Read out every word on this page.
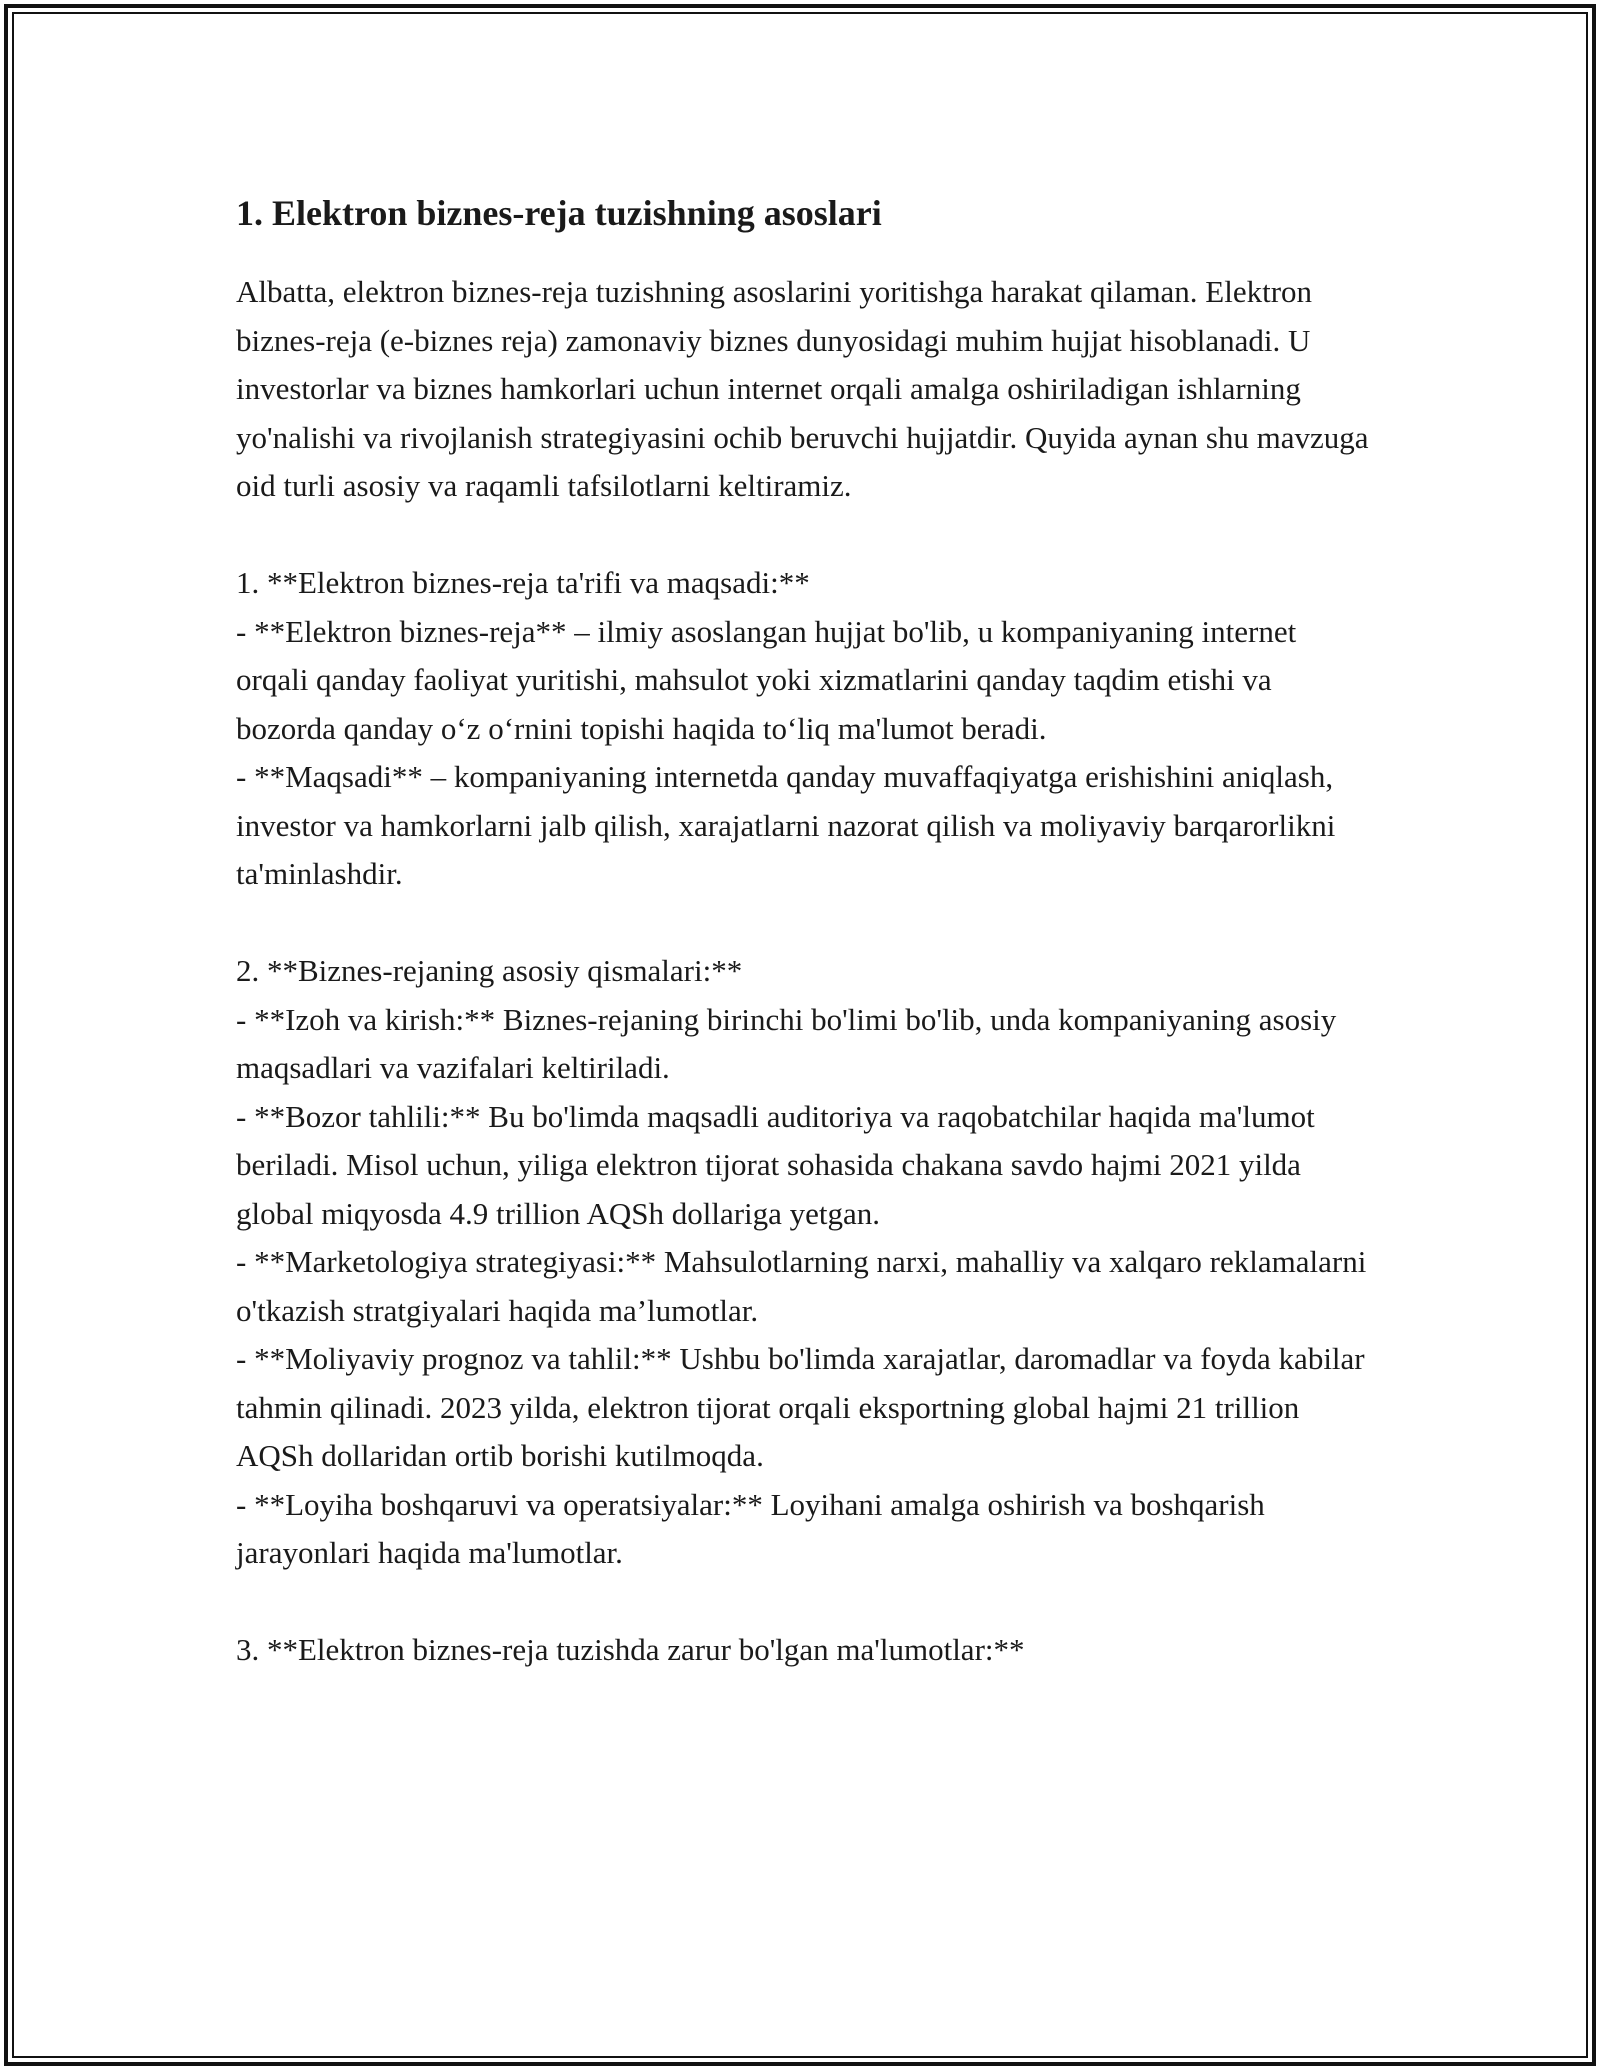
1. Elektron biznes-reja tuzishning asoslari

Albatta, elektron biznes-reja tuzishning asoslarini yoritishga harakat qilaman. Elektron biznes-reja (e-biznes reja) zamonaviy biznes dunyosidagi muhim hujjat hisoblanadi. U investorlar va biznes hamkorlari uchun internet orqali amalga oshiriladigan ishlarning yo'nalishi va rivojlanish strategiyasini ochib beruvchi hujjatdir. Quyida aynan shu mavzuga oid turli asosiy va raqamli tafsilotlarni keltiramiz.

1. **Elektron biznes-reja ta'rifi va maqsadi:**

- **Elektron biznes-reja** – ilmiy asoslangan hujjat bo'lib, u kompaniyaning internet orqali qanday faoliyat yuritishi, mahsulot yoki xizmatlarini qanday taqdim etishi va bozorda qanday oʻz oʻrnini topishi haqida toʻliq ma'lumot beradi.

- **Maqsadi** – kompaniyaning internetda qanday muvaffaqiyatga erishishini aniqlash, investor va hamkorlarni jalb qilish, xarajatlarni nazorat qilish va moliyaviy barqarorlikni ta'minlashdir.

2. **Biznes-rejaning asosiy qismalari:**

- **Izoh va kirish:** Biznes-rejaning birinchi bo'limi bo'lib, unda kompaniyaning asosiy maqsadlari va vazifalari keltiriladi.

- **Bozor tahlili:** Bu bo'limda maqsadli auditoriya va raqobatchilar haqida ma'lumot beriladi. Misol uchun, yiliga elektron tijorat sohasida chakana savdo hajmi 2021 yilda global miqyosda 4.9 trillion AQSh dollariga yetgan.

- **Marketologiya strategiyasi:** Mahsulotlarning narxi, mahalliy va xalqaro reklamalarni o'tkazish stratgiyalari haqida ma’lumotlar.

- **Moliyaviy prognoz va tahlil:** Ushbu bo'limda xarajatlar, daromadlar va foyda kabilar tahmin qilinadi. 2023 yilda, elektron tijorat orqali eksportning global hajmi 21 trillion AQSh dollaridan ortib borishi kutilmoqda.

- **Loyiha boshqaruvi va operatsiyalar:** Loyihani amalga oshirish va boshqarish jarayonlari haqida ma'lumotlar.

3. **Elektron biznes-reja tuzishda zarur bo'lgan ma'lumotlar:**
